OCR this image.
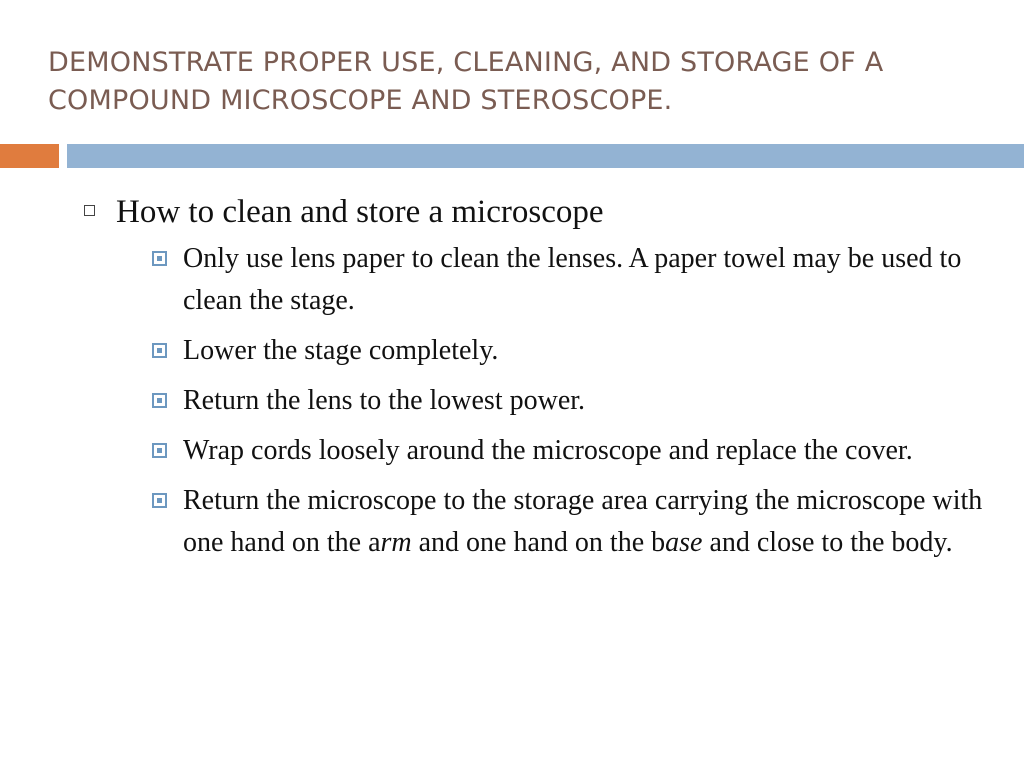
DEMONSTRATE PROPER USE, CLEANING, AND STORAGE OF A COMPOUND MICROSCOPE AND STEROSCOPE.
How to clean and store a microscope
Only use lens paper to clean the lenses. A paper towel may be used to clean the stage.
Lower the stage completely.
Return the lens to the lowest power.
Wrap cords loosely around the microscope and replace the cover.
Return the microscope to the storage area carrying the microscope with one hand on the arm and one hand on the base and close to the body.
